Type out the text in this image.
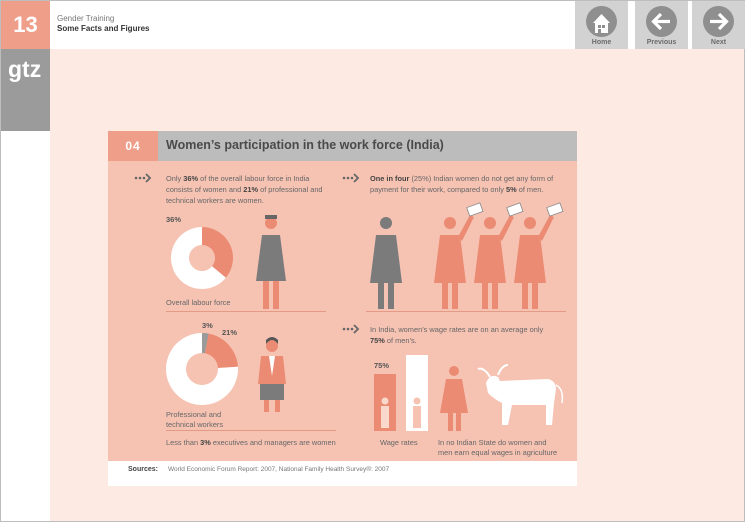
13	Gender Training
Some Facts and Figures
gtz
Home	Previous	Next
04	Women’s participation in the work force (India)
Only 36% of the overall labour force in India consists of women and 21% of professional and technical workers are women.
One in four (25%) Indian women do not get any form of payment for their work, compared to only 5% of men.
36%
Overall labour force
3%
21%
Professional and
technical workers
Less than 3% executives and managers are women
In India, women’s wage rates are on an average only 75% of men’s.
75%
Wage rates	In no Indian State do women and
men earn equal wages in agriculture
Sources: World Economic Forum Report: 2007, National Family Health Survey®: 2007
